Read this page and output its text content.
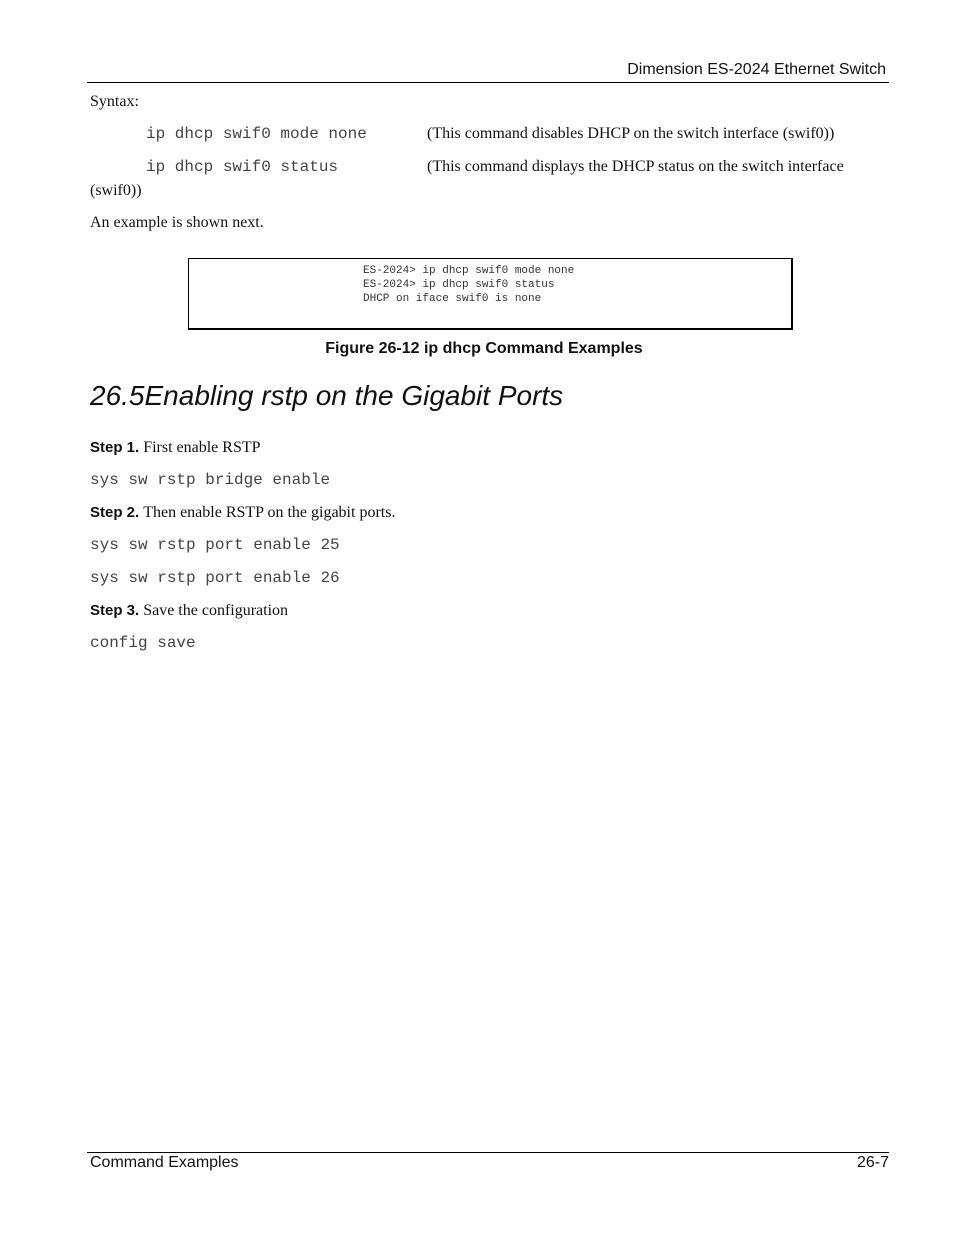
Dimension ES-2024 Ethernet Switch
Syntax:
ip dhcp swif0 mode none	(This command disables DHCP on the switch interface (swif0))
ip dhcp swif0 status	(This command displays the DHCP status on the switch interface
(swif0))
An example is shown next.
ES-2024> ip dhcp swif0 mode none
ES-2024> ip dhcp swif0 status
DHCP on iface swif0 is none
Figure 26-12 ip dhcp Command Examples
26.5Enabling rstp on the Gigabit Ports
Step 1. First enable RSTP
sys sw rstp bridge enable
Step 2. Then enable RSTP on the gigabit ports.
sys sw rstp port enable 25
sys sw rstp port enable 26
Step 3. Save the configuration
config save
Command Examples	26-7
